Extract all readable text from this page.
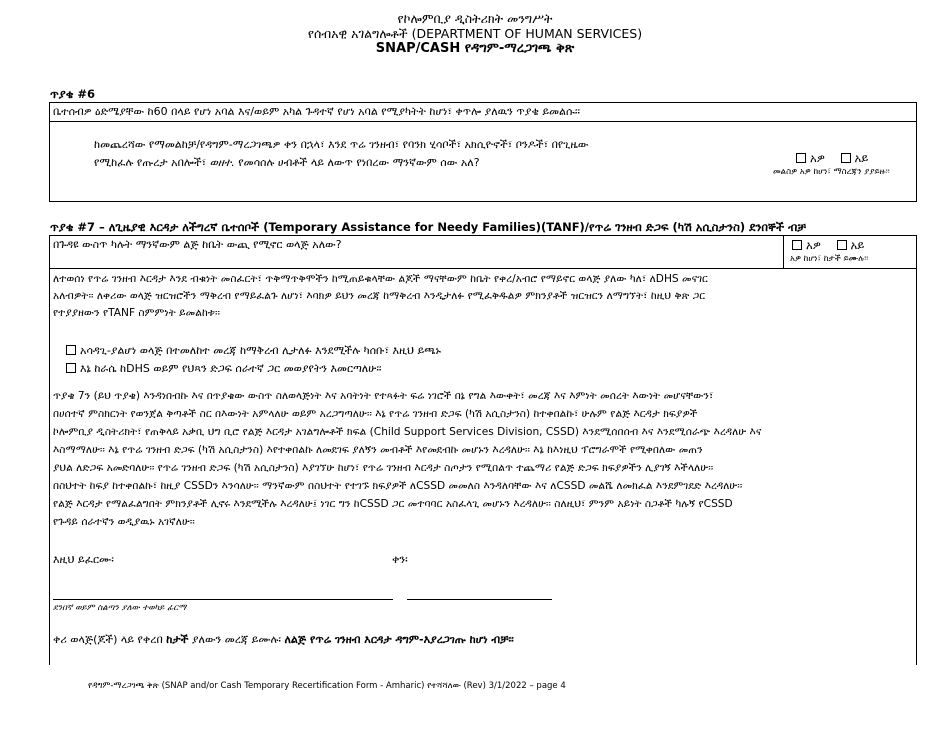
የኮሎምቢያ ዲስትሪክት መንግሥት
የሰብአዊ አገልግሎቶች (DEPARTMENT OF HUMAN SERVICES)
SNAP/CASH የዳግም-ማረጋገጫ ቅጽ
ጥያቄ #6
ቤተሰብዎ ዕድሜያቸው ከ60 በላይ የሆነ አባል እና/ወይም አካል ጉዳተኛ የሆነ አባል የሚያካትት ከሆነ፣ ቀጥሎ ያለዉን ጥያቄ ይመልሱ፡፡
ከመጨረሻው የማመልከቻ/የዳግም-ማረጋገጫዎ ቀን በኋላ፣ እንደ ጥሬ ገንዘብ፣ የባንክ ሂሳቦች፣ አክሲዮኖች፣ ቦንዶች፣ በየጊዜው
የሚከፈሉ የጡረታ አበሎች፣ ወዘተ. የመሳሰሉ ሀብቶች ላይ ለውጥ የነበረው ማንኛውም ሰው አለ?	አዎ	አይ
መልስዎ አዎ ከሆነ፣ ማስረጃን ያያይዙ፡፡
ጥያቄ #7 – ለጊዜያዊ እርዳታ ለችግረኛ ቤተሰቦች (Temporary Assistance for Needy Families)(TANF)/የጥሬ ገንዘብ ድጋፍ (ካሽ አሲስታንስ) ደንበኞች ብቻ
በጉዳዩ ውስጥ ካሉት ማንኛውም ልጅ ከቤት ውጪ የሚኖር ወላጅ አለው?	አዎ	አይ
አዎ ከሆነ፣ ከታች ይሙሉ፡፡
ለተወሰነ የጥሬ ገንዘብ እርዳታ እንደ ብቁነት መስፈርት፣ ጥቅማጥቅሞችን ከሚጠይቁላቸው ልጆች ማናቸውም ከቤት የቀረ/አብሮ የማይኖር ወላጅ ያለው ካለ፣ ለDHS መናገር
አለብዎት፡፡ ለቀሪው ወላጅ ዝርዝሮችን ማቅረብ የማይፈልጉ ለሆነ፣ እባክዎ ይህን መረጃ ከማቅረብ እንዲታለፉ የሚፈቅዱልዎ ምክንያቶች ዝርዝርን ለማግኘት፣ ከዚህ ቅጽ ጋር
የተያያዘውን የTANF ስምምነት ይመልከቱ፡፡
አሳዳጊ-ያልሆነ ወላጅ በተመለከተ መረጃ ከማቅረብ ሊታለፉ እንደሚችሉ ካሰቡ፣ እዚህ ይጫኑ
እኔ ከራሴ ከDHS ወይም የህጻን ድጋፍ ሰራተኛ ጋር መወያየትን እመርጣለሁ፡፡
ጥያቄ 7ን (ይህ ጥያቄ) እንዳነበብኩ እና በጥያቄው ውስጥ ስለወላጅነት እና አባትነት የተጻፉት ፍሬ ነገሮች በኔ የግል እውቀት፣ መረጃ እና እምነት መሰረት እውነት መሆናቸውን፣
በሀሰተኛ ምስክርነት የወንጀል ቅጣቶች ስር በእውነት አምላለሁ ወይም አረጋግጣለሁ፡፡ እኔ የጥሬ ገንዘብ ድጋፍ (ካሽ አሲስታንስ) ከተቀበልኩ፣ ሁሉም የልጅ እርዳታ ክፍያዎች
ኮሎምቢያ ዲስትሪክት፣ የጠቅላይ አቃቢ ህግ ቢሮ የልጅ እርዳታ አገልግሎቶች ክፍል (Child Support Services Division, CSSD) እንደሚሰበሰብ እና እንደሚሰራጭ እረዳለሁ እና
እስማማለሁ፡፡ እኔ የጥሬ ገንዘብ ድጋፍ (ካሽ አሲስታንስ) እየተቀበልኩ ለመደገፍ ያለኝን መብቶች እየመደብኩ መሆኑን እረዳለሁ፡፡ እኔ ከእነዚህ ፕሮግራሞች የሚቀበለው መጠን
ያህል ለድጋፍ አመድባለሁ፡፡ የጥሬ ገንዘብ ድጋፍ (ካሽ አሲስታንስ) እያገኘሁ ከሆነ፣ የጥሬ ገንዘብ እርዳታ ስጦታን የሚበልጥ ተጨማሪ የልጅ ድጋፍ ክፍያዎችን ሊያገኝ እችላለሁ፡፡
በስህተት ከፍያ ከተቀበልኩ፣ ከዚያ CSSDን እንሳለሁ፡፡ ማንኛውም በስህተት የተገኙ ክፍያዎች ለCSSD መመለስ እንዳለባቸው እና ለCSSD መልሼ ለመክፈል እንደምገደድ እረዳለሁ፡፡
የልጅ እርዳታ የማልፈልግበት ምክንያቶች ሊኖሩ እንደሚችሉ እረዳለሁ፤ ነገር ግን ከCSSD ጋር መተባባር አስፈላጊ መሆኑን እረዳለሁ፡፡ ስለዚህ፣ ምንም አይነት ስጋቶች ካሉኝ የCSSD
የጉዳይ ሰራተኛን ወዲያዉኑ አገኛለሁ፡፡
እዚህ ይፈርሙ፡	ቀን፡
ደንበኛ ወይም ስልጣን ያለው ተወካይ ፊርማ
ቀሪ ወላጅ(ጆች) ላይ የቀረበ ከታች ያለውን መረጃ ይሙሉ፡ ለልጅ የጥሬ ገንዘብ እርዳታ ዳግም-እያረጋገጡ ከሆነ ብቻ፡፡
የዳግም-ማረጋገጫ ቅጽ (SNAP and/or Cash Temporary Recertification Form - Amharic) የተሻሻለው (Rev) 3/1/2022 – page 4
